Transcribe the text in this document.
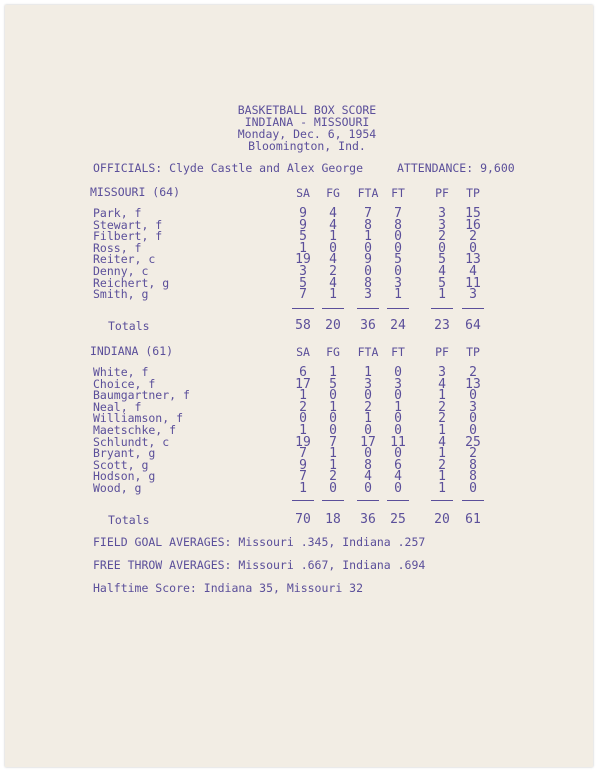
BASKETBALL BOX SCORE
INDIANA - MISSOURI
Monday, Dec. 6, 1954
Bloomington, Ind.
OFFICIALS: Clyde Castle and Alex George	ATTENDANCE: 9,600
MISSOURI (64)	SA	FG	FTA	FT	PF	TP
Park, f	9	4	7	7	3	15
Stewart, f	9	4	8	8	3	16
Filbert, f	5	1	1	0	2	2
Ross, f	1	0	0	0	0	0
Reiter, c	19	4	9	5	5	13
Denny, c	3	2	0	0	4	4
Reichert, g	5	4	8	3	5	11
Smith, g	7	1	3	1	1	3
Totals	58	20	36	24	23	64
INDIANA (61)	SA	FG	FTA	FT	PF	TP
White, f	6	1	1	0	3	2
Choice, f	17	5	3	3	4	13
Baumgartner, f	1	0	0	0	1	0
Neal, f	2	1	2	1	2	3
Williamson, f	0	0	1	0	2	0
Maetschke, f	1	0	0	0	1	0
Schlundt, c	19	7	17	11	4	25
Bryant, g	7	1	0	0	1	2
Scott, g	9	1	8	6	2	8
Hodson, g	7	2	4	4	1	8
Wood, g	1	0	0	0	1	0
Totals	70	18	36	25	20	61
FIELD GOAL AVERAGES: Missouri .345, Indiana .257
FREE THROW AVERAGES: Missouri .667, Indiana .694
Halftime Score: Indiana 35, Missouri 32
